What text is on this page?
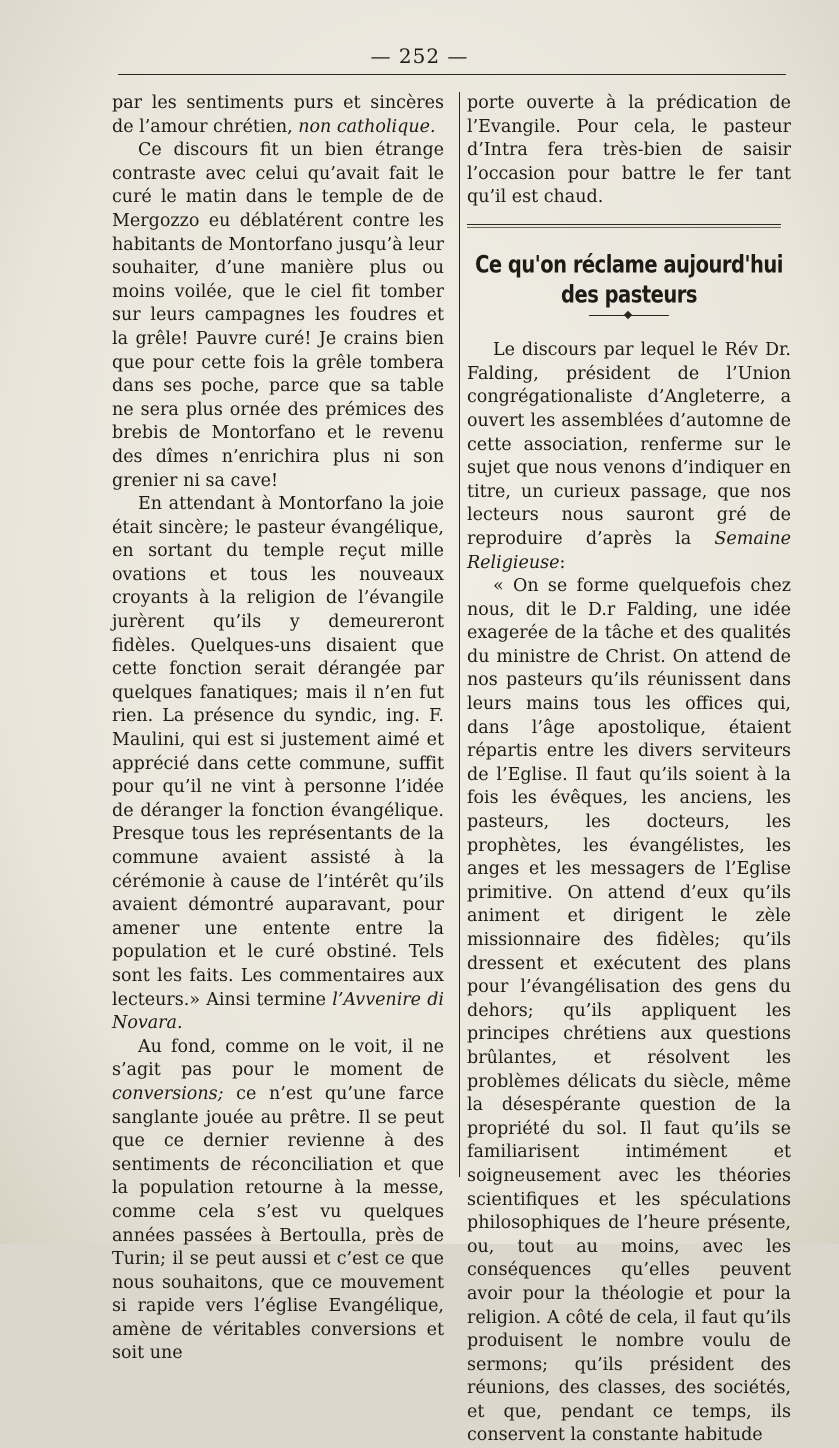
— 252 —

par les sentiments purs et sincères de l’amour chrétien, non catholique.

Ce discours fit un bien étrange contraste avec celui qu’avait fait le curé le matin dans le temple de de Mergozzo eu déblatérent contre les habitants de Montorfano jusqu’à leur souhaiter, d’une manière plus ou moins voilée, que le ciel fit tomber sur leurs campagnes les foudres et la grêle! Pauvre curé! Je crains bien que pour cette fois la grêle tombera dans ses poche, parce que sa table ne sera plus ornée des prémices des brebis de Montorfano et le revenu des dîmes n’enrichira plus ni son grenier ni sa cave!

En attendant à Montorfano la joie était sincère; le pasteur évangélique, en sortant du temple reçut mille ovations et tous les nouveaux croyants à la religion de l’évangile jurèrent qu’ils y demeureront fidèles. Quelques-uns disaient que cette fonction serait dérangée par quelques fanatiques; mais il n’en fut rien. La présence du syndic, ing. F. Maulini, qui est si justement aimé et apprécié dans cette commune, suffit pour qu’il ne vint à personne l’idée de déranger la fonction évangélique. Presque tous les représentants de la commune avaient assisté à la cérémonie à cause de l’intérêt qu’ils avaient démontré auparavant, pour amener une entente entre la population et le curé obstiné. Tels sont les faits. Les commentaires aux lecteurs.» Ainsi termine l’Avvenire di Novara.

Au fond, comme on le voit, il ne s’agit pas pour le moment de conversions; ce n’est qu’une farce sanglante jouée au prêtre. Il se peut que ce dernier revienne à des sentiments de réconciliation et que la population retourne à la messe, comme cela s’est vu quelques années passées à Bertoulla, près de Turin; il se peut aussi et c’est ce que nous souhaitons, que ce mouvement si rapide vers l’église Evangélique, amène de véritables conversions et soit une

porte ouverte à la prédication de l’Evangile. Pour cela, le pasteur d’Intra fera très-bien de saisir l’occasion pour battre le fer tant qu’il est chaud.

Ce qu'on réclame aujourd'hui des pasteurs

Le discours par lequel le Rév Dr. Falding, président de l’Union congrégationaliste d’Angleterre, a ouvert les assemblées d’automne de cette association, renferme sur le sujet que nous venons d’indiquer en titre, un curieux passage, que nos lecteurs nous sauront gré de reproduire d’après la Semaine Religieuse:

« On se forme quelquefois chez nous, dit le D.r Falding, une idée exagerée de la tâche et des qualités du ministre de Christ. On attend de nos pasteurs qu’ils réunissent dans leurs mains tous les offices qui, dans l’âge apostolique, étaient répartis entre les divers serviteurs de l’Eglise. Il faut qu’ils soient à la fois les évêques, les anciens, les pasteurs, les docteurs, les prophètes, les évangélistes, les anges et les messagers de l’Eglise primitive. On attend d’eux qu’ils animent et dirigent le zèle missionnaire des fidèles; qu’ils dressent et exécutent des plans pour l’évangélisation des gens du dehors; qu’ils appliquent les principes chrétiens aux questions brûlantes, et résolvent les problèmes délicats du siècle, même la désespérante question de la propriété du sol. Il faut qu’ils se familiarisent intimément et soigneusement avec les théories scientifiques et les spéculations philosophiques de l’heure présente, ou, tout au moins, avec les conséquences qu’elles peuvent avoir pour la théologie et pour la religion. A côté de cela, il faut qu’ils produisent le nombre voulu de sermons; qu’ils président des réunions, des classes, des sociétés, et que, pendant ce temps, ils conservent la constante habitude
